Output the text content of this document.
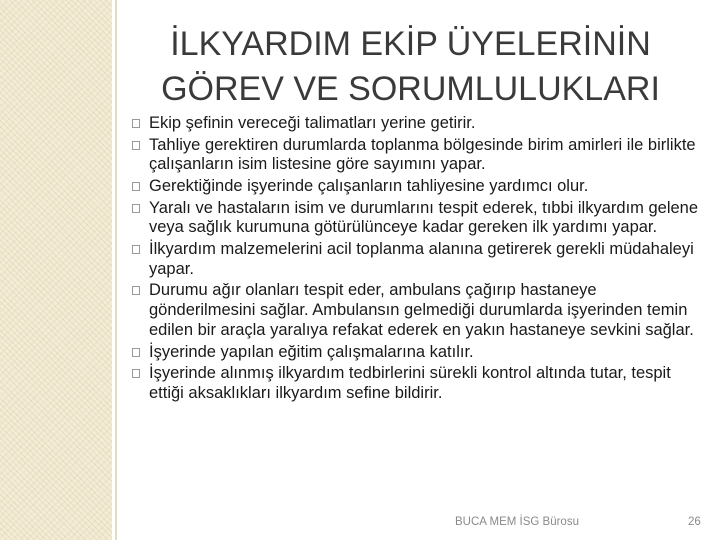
İLKYARDIM EKİP ÜYELERİNİN
GÖREV VE SORUMLULUKLARI
Ekip şefinin vereceği talimatları yerine getirir.
Tahliye gerektiren durumlarda toplanma bölgesinde birim amirleri ile birlikte çalışanların isim listesine göre sayımını yapar.
Gerektiğinde işyerinde çalışanların tahliyesine yardımcı olur.
Yaralı ve hastaların isim ve durumlarını tespit ederek, tıbbi ilkyardım gelene veya sağlık kurumuna götürülünceye kadar gereken ilk yardımı yapar.
İlkyardım malzemelerini acil toplanma alanına getirerek gerekli müdahaleyi yapar.
Durumu ağır olanları tespit eder, ambulans çağırıp hastaneye gönderilmesini sağlar. Ambulansın gelmediği durumlarda işyerinden temin edilen bir araçla yaralıya refakat ederek en yakın hastaneye sevkini sağlar.
İşyerinde yapılan eğitim çalışmalarına katılır.
İşyerinde alınmış ilkyardım tedbirlerini sürekli kontrol altında tutar, tespit ettiği aksaklıkları ilkyardım sefine bildirir.
BUCA MEM İSG Bürosu	26
